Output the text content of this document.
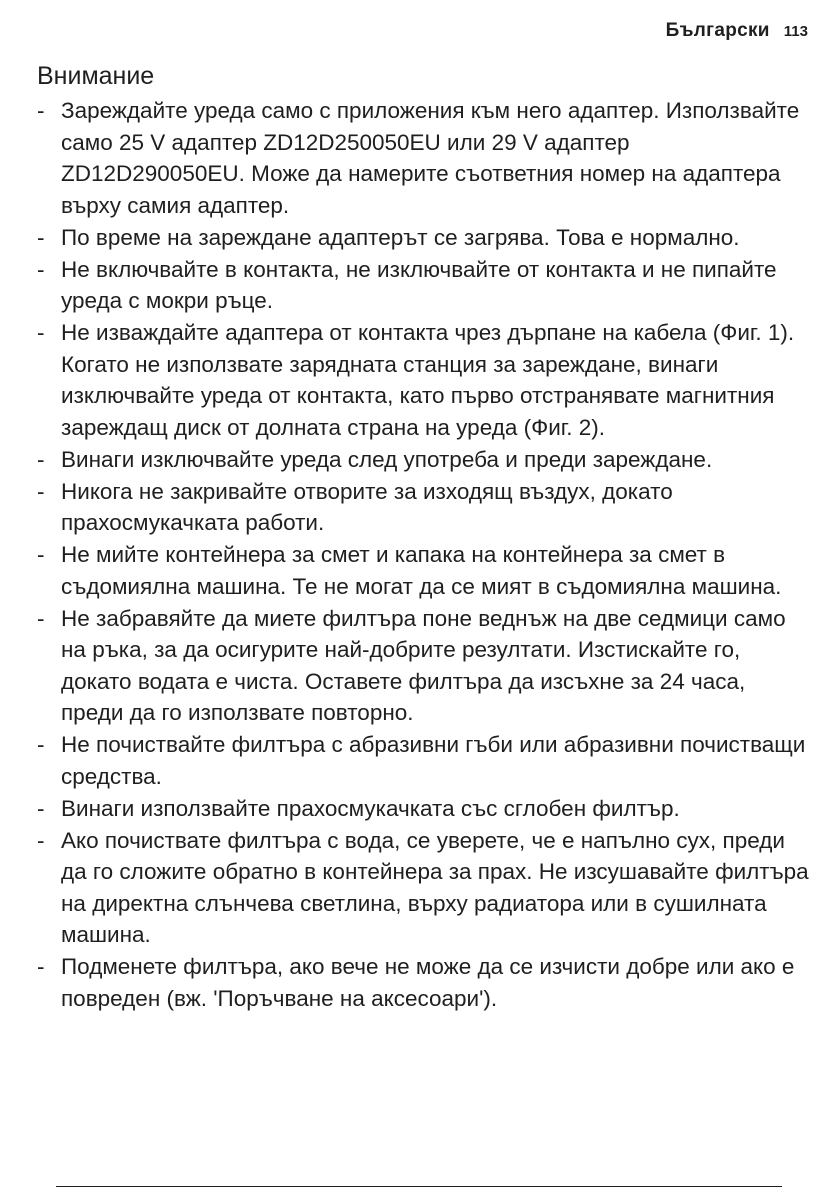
Български 113
Внимание
- Зареждайте уреда само с приложения към него адаптер. Използвайте само 25 V адаптер ZD12D250050EU или 29 V адаптер ZD12D290050EU. Може да намерите съответния номер на адаптера върху самия адаптер.
- По време на зареждане адаптерът се загрява. Това е нормално.
- Не включвайте в контакта, не изключвайте от контакта и не пипайте уреда с мокри ръце.
- Не изваждайте адаптера от контакта чрез дърпане на кабела (Фиг. 1). Когато не използвате зарядната станция за зареждане, винаги изключвайте уреда от контакта, като първо отстранявате магнитния зареждащ диск от долната страна на уреда (Фиг. 2).
- Винаги изключвайте уреда след употреба и преди зареждане.
- Никога не закривайте отворите за изходящ въздух, докато прахосмукачката работи.
- Не мийте контейнера за смет и капака на контейнера за смет в съдомиялна машина. Те не могат да се мият в съдомиялна машина.
- Не забравяйте да миете филтъра поне веднъж на две седмици само на ръка, за да осигурите най-добрите резултати. Изстискайте го, докато водата е чиста. Оставете филтъра да изсъхне за 24 часа, преди да го използвате повторно.
- Не почиствайте филтъра с абразивни гъби или абразивни почистващи средства.
- Винаги използвайте прахосмукачката със сглобен филтър.
- Ако почиствате филтъра с вода, се уверете, че е напълно сух, преди да го сложите обратно в контейнера за прах. Не изсушавайте филтъра на директна слънчева светлина, върху радиатора или в сушилната машина.
- Подменете филтъра, ако вече не може да се изчисти добре или ако е повреден (вж. 'Поръчване на аксесоари').
